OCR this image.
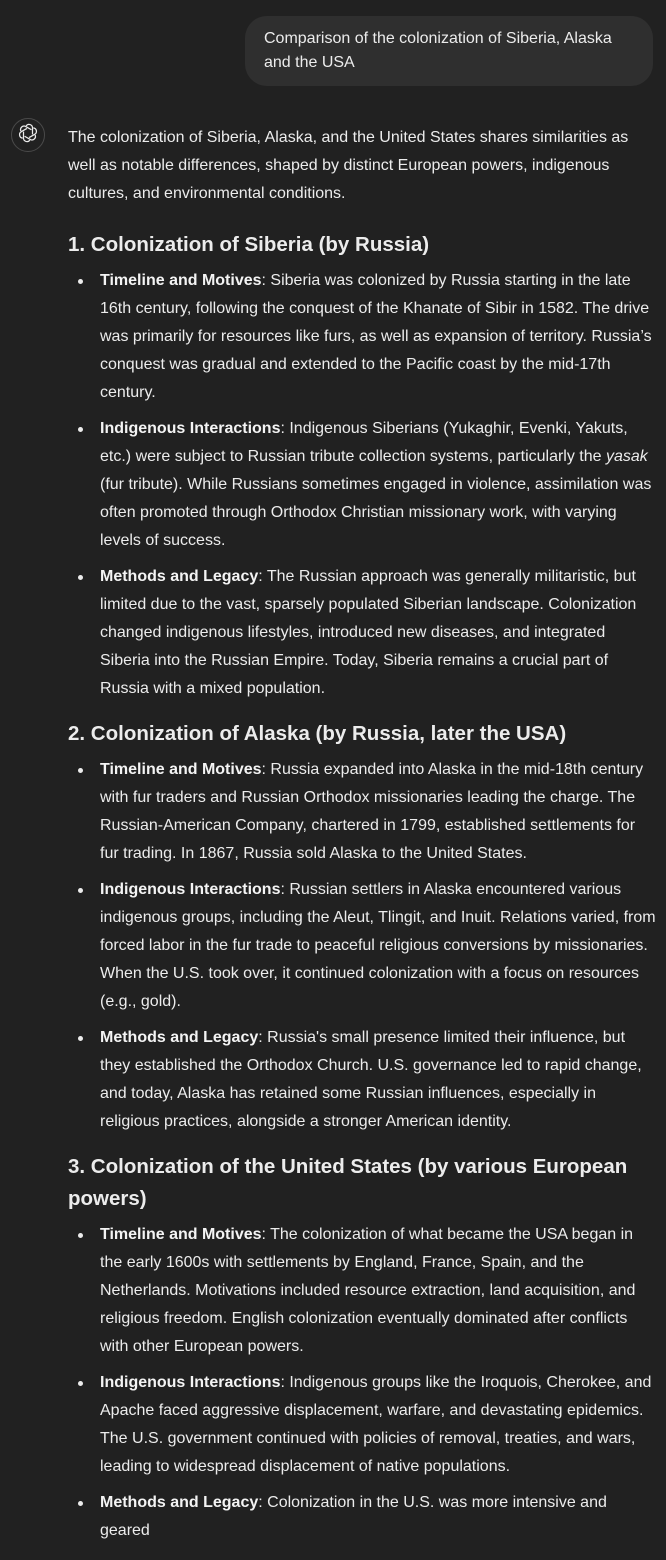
Comparison of the colonization of Siberia, Alaska and the USA

The colonization of Siberia, Alaska, and the United States shares similarities as well as notable differences, shaped by distinct European powers, indigenous cultures, and environmental conditions.

1. Colonization of Siberia (by Russia)
Timeline and Motives: Siberia was colonized by Russia starting in the late 16th century, following the conquest of the Khanate of Sibir in 1582. The drive was primarily for resources like furs, as well as expansion of territory. Russia’s conquest was gradual and extended to the Pacific coast by the mid-17th century.
Indigenous Interactions: Indigenous Siberians (Yukaghir, Evenki, Yakuts, etc.) were subject to Russian tribute collection systems, particularly the yasak (fur tribute). While Russians sometimes engaged in violence, assimilation was often promoted through Orthodox Christian missionary work, with varying levels of success.
Methods and Legacy: The Russian approach was generally militaristic, but limited due to the vast, sparsely populated Siberian landscape. Colonization changed indigenous lifestyles, introduced new diseases, and integrated Siberia into the Russian Empire. Today, Siberia remains a crucial part of Russia with a mixed population.
2. Colonization of Alaska (by Russia, later the USA)
Timeline and Motives: Russia expanded into Alaska in the mid-18th century with fur traders and Russian Orthodox missionaries leading the charge. The Russian-American Company, chartered in 1799, established settlements for fur trading. In 1867, Russia sold Alaska to the United States.
Indigenous Interactions: Russian settlers in Alaska encountered various indigenous groups, including the Aleut, Tlingit, and Inuit. Relations varied, from forced labor in the fur trade to peaceful religious conversions by missionaries. When the U.S. took over, it continued colonization with a focus on resources (e.g., gold).
Methods and Legacy: Russia's small presence limited their influence, but they established the Orthodox Church. U.S. governance led to rapid change, and today, Alaska has retained some Russian influences, especially in religious practices, alongside a stronger American identity.
3. Colonization of the United States (by various European powers)
Timeline and Motives: The colonization of what became the USA began in the early 1600s with settlements by England, France, Spain, and the Netherlands. Motivations included resource extraction, land acquisition, and religious freedom. English colonization eventually dominated after conflicts with other European powers.
Indigenous Interactions: Indigenous groups like the Iroquois, Cherokee, and Apache faced aggressive displacement, warfare, and devastating epidemics. The U.S. government continued with policies of removal, treaties, and wars, leading to widespread displacement of native populations.
Methods and Legacy: Colonization in the U.S. was more intensive and geared
